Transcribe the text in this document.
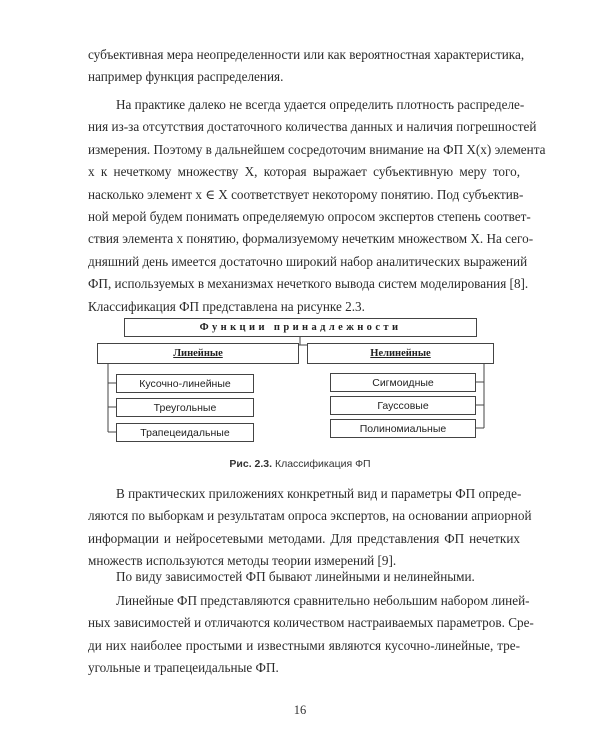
субъективная мера неопределенности или как вероятностная характеристика,
например функция распределения.
На практике далеко не всегда удается определить плотность распределе-
ния из-за отсутствия достаточного количества данных и наличия погрешностей
измерения. Поэтому в дальнейшем сосредоточим внимание на ФП X(x) элемента
x к нечеткому множеству X, которая выражает субъективную меру того,
насколько элемент x ∈ X соответствует некоторому понятию. Под субъектив-
ной мерой будем понимать определяемую опросом экспертов степень соответ-
ствия элемента x понятию, формализуемому нечетким множеством X. На сего-
дняшний день имеется достаточно широкий набор аналитических выражений
ФП, используемых в механизмах нечеткого вывода систем моделирования [8].
Классификация ФП представлена на рисунке 2.3.
Функции принадлежности
Линейные	Нелинейные
Кусочно-линейные
Треугольные
Трапецеидальные
Сигмоидные
Гауссовые
Полиномиальные
Рис. 2.3. Классификация ФП
В практических приложениях конкретный вид и параметры ФП опреде-
ляются по выборкам и результатам опроса экспертов, на основании априорной
информации и нейросетевыми методами. Для представления ФП нечетких
множеств используются методы теории измерений [9].
По виду зависимостей ФП бывают линейными и нелинейными.
Линейные ФП представляются сравнительно небольшим набором линей-
ных зависимостей и отличаются количеством настраиваемых параметров. Сре-
ди них наиболее простыми и известными являются кусочно-линейные, тре-
угольные и трапецеидальные ФП.
16
